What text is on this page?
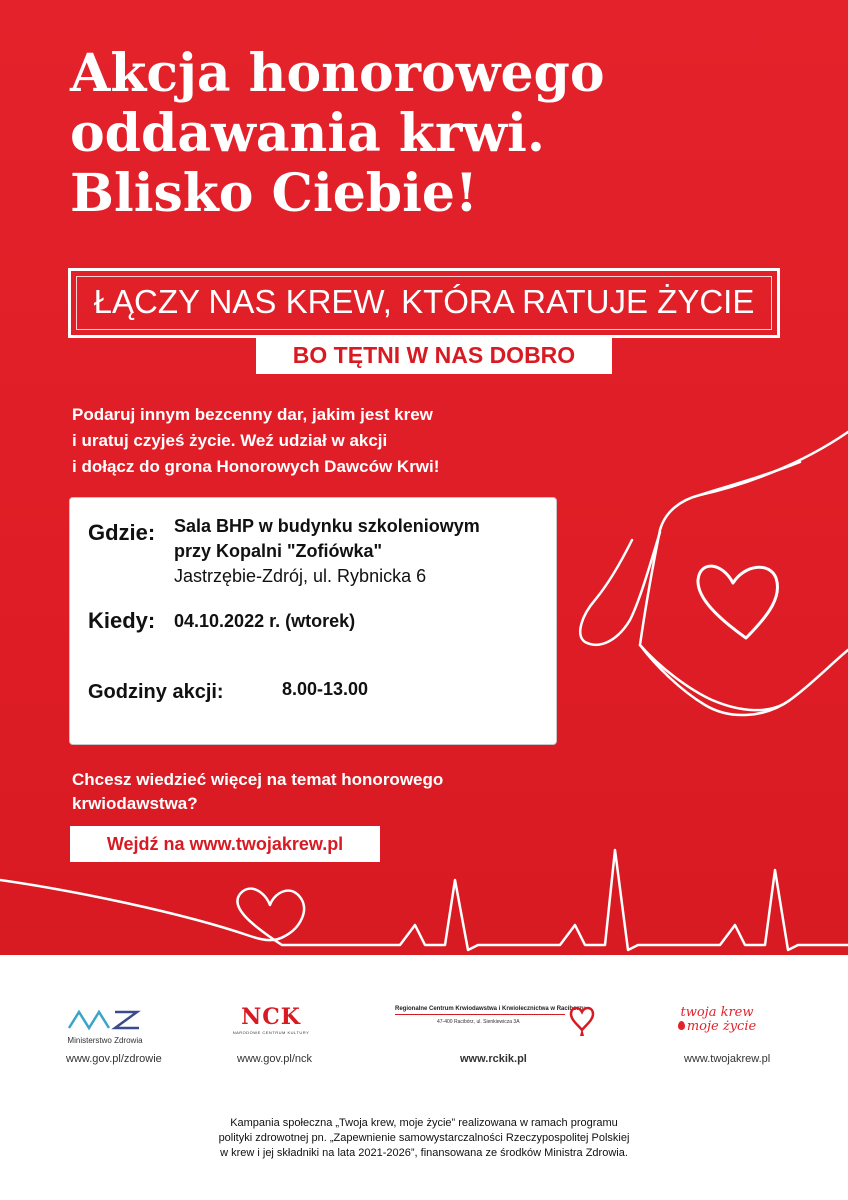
Akcja honorowego
oddawania krwi.
Blisko Ciebie!
ŁĄCZY NAS KREW, KTÓRA RATUJE ŻYCIE
BO TĘTNI W NAS DOBRO
Podaruj innym bezcenny dar, jakim jest krew
i uratuj czyjeś życie. Weź udział w akcji
i dołącz do grona Honorowych Dawców Krwi!
Gdzie: Sala BHP w budynku szkoleniowym
przy Kopalni "Zofiówka"
Jastrzębie-Zdrój, ul. Rybnicka 6
Kiedy: 04.10.2022 r. (wtorek)
Godziny akcji:	8.00-13.00
Chcesz wiedzieć więcej na temat honorowego
krwiodawstwa?
Wejdź na www.twojakrew.pl
Ministerstwo Zdrowia
www.gov.pl/zdrowie
NCK
NARODOWE CENTRUM KULTURY
www.gov.pl/nck
Regionalne Centrum Krwiodawstwa i Krwiolecznictwa w Raciborzu
47-400 Racibórz, ul. Sienkiewicza 3A
www.rckik.pl
twoja krew
moje życie
www.twojakrew.pl
Kampania społeczna „Twoja krew, moje życie” realizowana w ramach programu
polityki zdrowotnej pn. „Zapewnienie samowystarczalności Rzeczypospolitej Polskiej
w krew i jej składniki na lata 2021-2026”, finansowana ze środków Ministra Zdrowia.
